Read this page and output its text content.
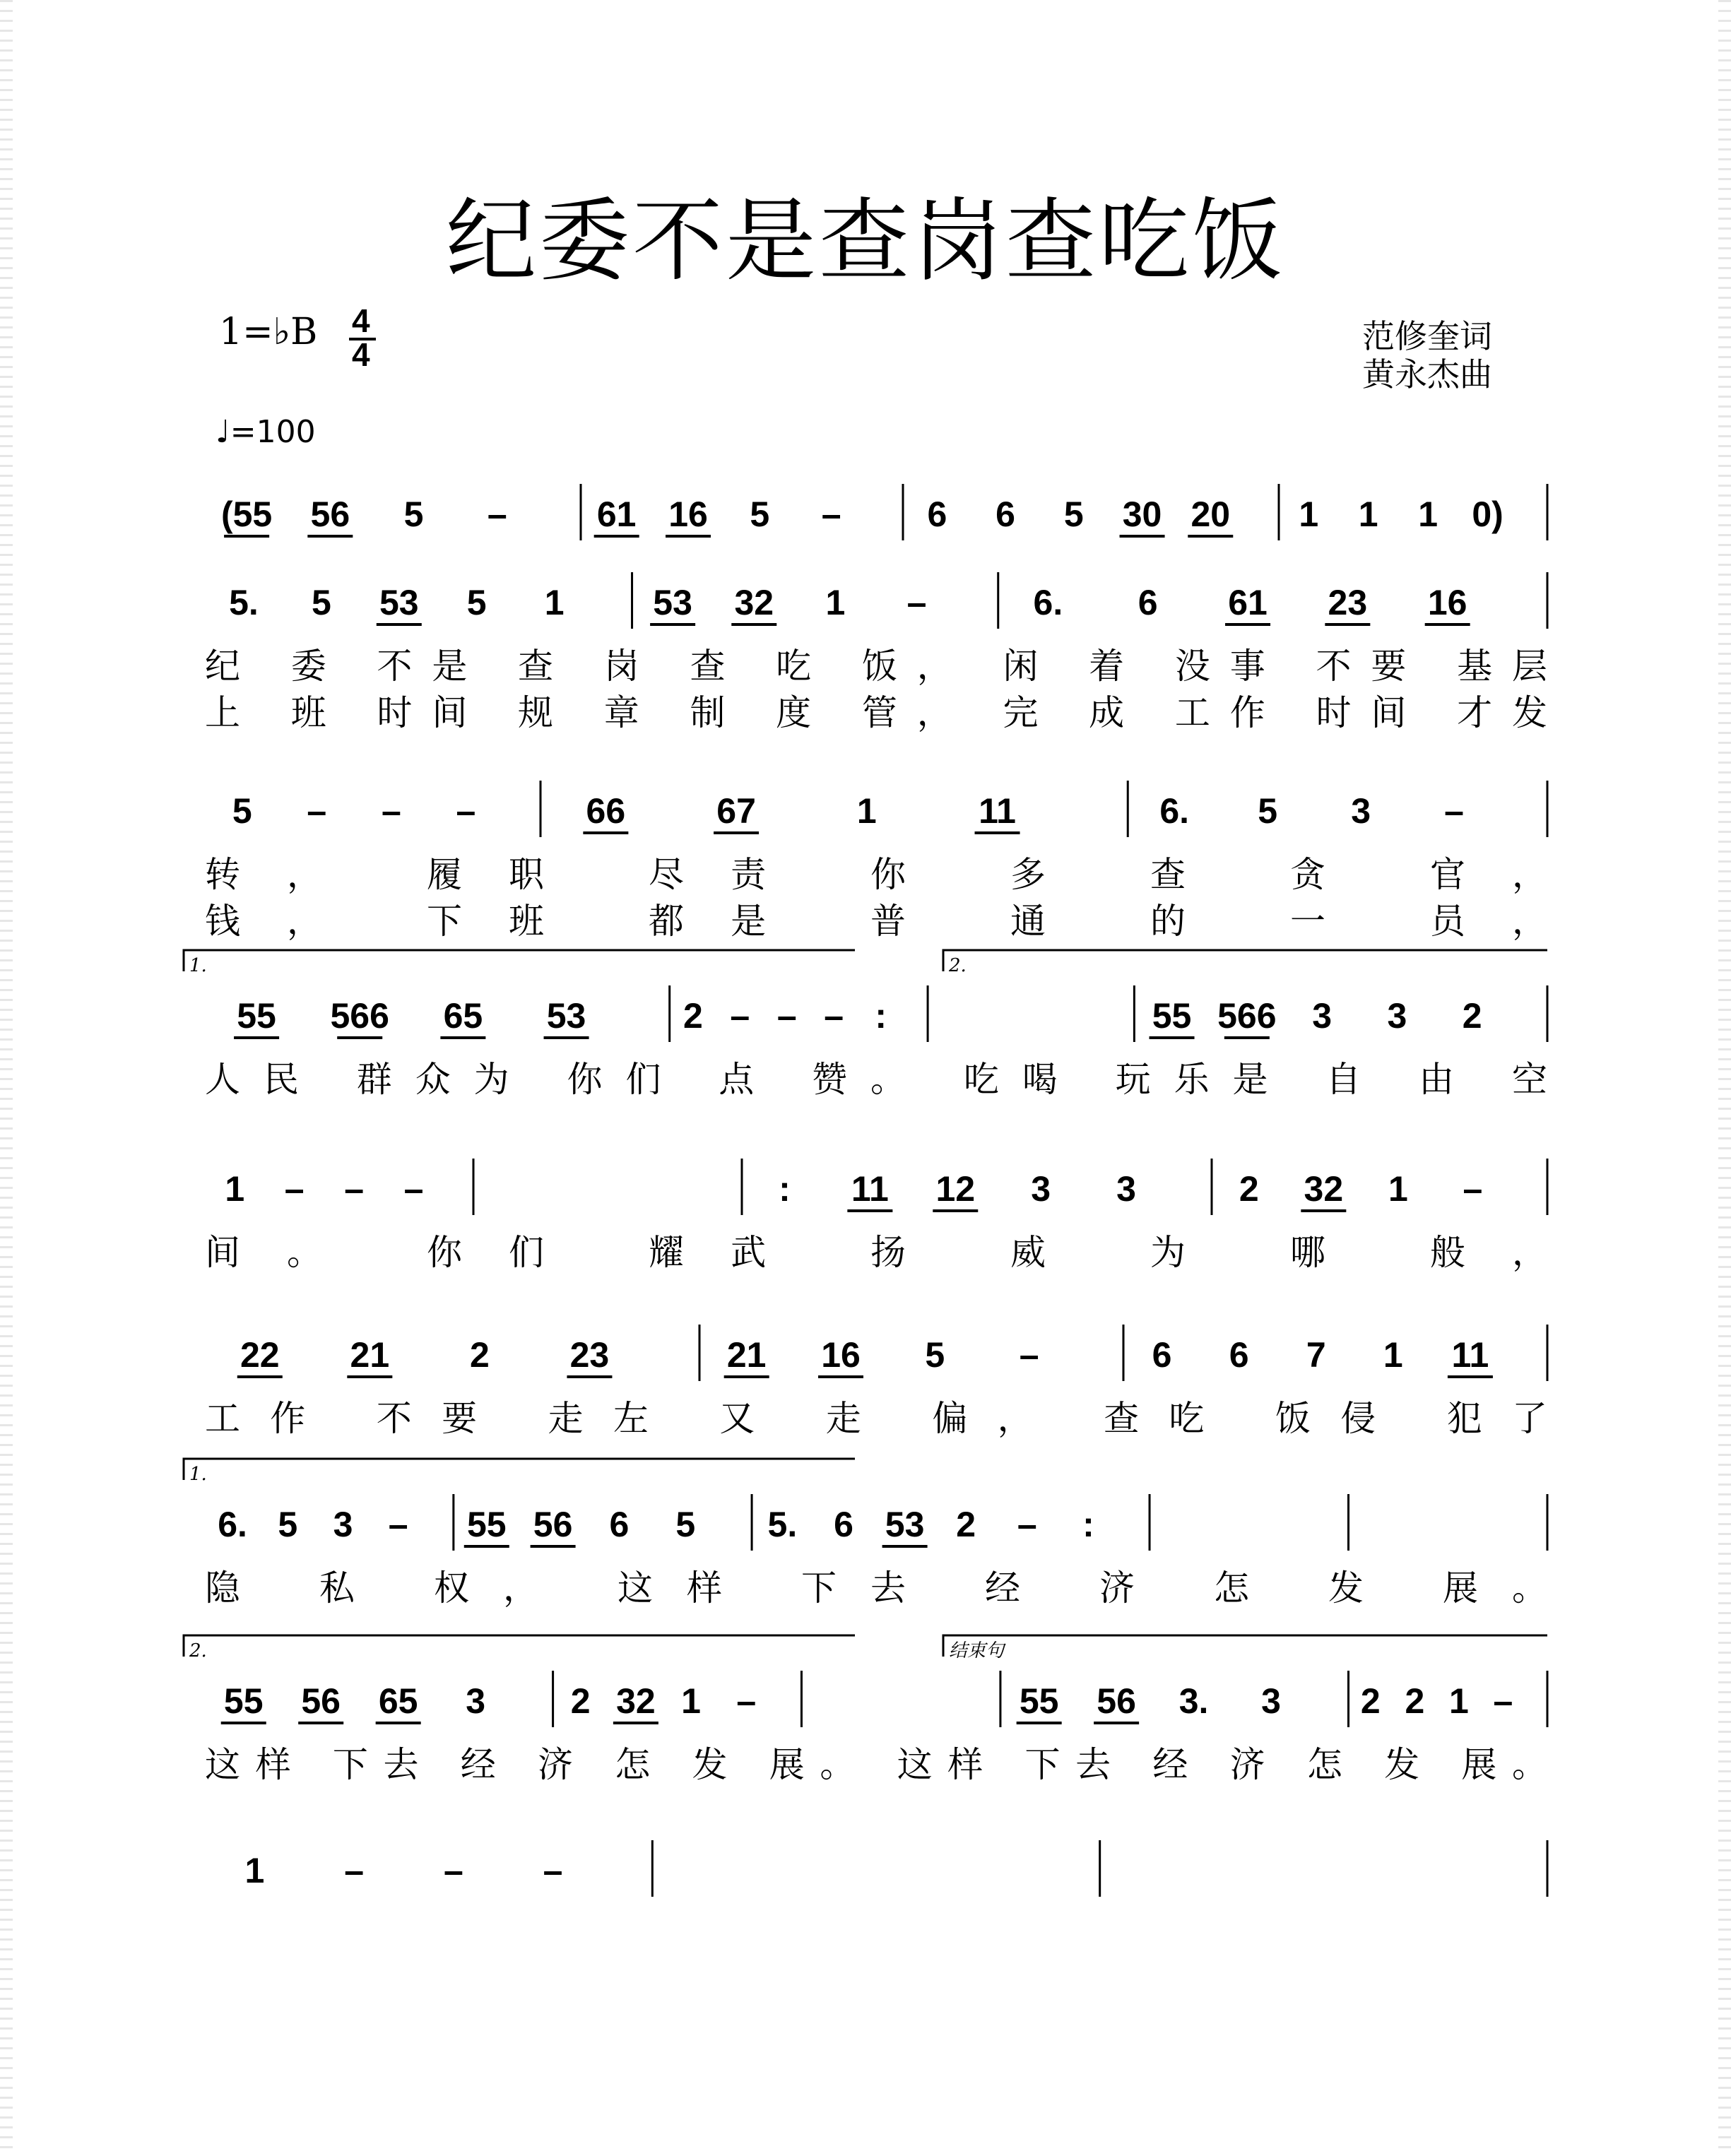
纪委不是查岗查吃饭
1=♭B
♩=100
范修奎词
黄永杰曲
4
4
(55 56 5 –	61 16 5 – 6 6 5 30 20 1 1 1 0)
5. 5 53 5 1	53 32 1 –	6. 6 61 23 16
纪 委 不是 查 岗 查 吃 饭， 闲 着 没事 不要 基层
上 班 时间 规 章 制 度 管， 完 成 工作 时间 才发
5 – – –	66	67	1	11	6. 5 3 –
转， 履职 尽责 你 多 查 贪 官，
钱， 下班 都是 普 通 的 一 员，
55 566 65 53	2 – – – :	55 566 3 3 2
1.	2.
人民 群众为 你们 点 赞。 吃喝 玩乐是 自 由 空
1 – – –	: 11 12 3 3	2 32 1 –
间。 你们 耀武 扬 威 为 哪 般，
22 21 2 23	21 16 5 –	6 6 7 1 11
工作 不要 走左 又 走 偏， 查吃 饭侵 犯了
6. 5 3 – 55 56 6 5 5. 6 53 2 – :
1.
隐 私 权， 这样 下去 经 济 怎 发 展。
55 56 65 3 2 32 1 –	55 56 3. 3 2 2 1 –
2.	结束句
这样 下去 经 济 怎 发 展。 这样 下去 经 济 怎 发 展。
1 – – –
